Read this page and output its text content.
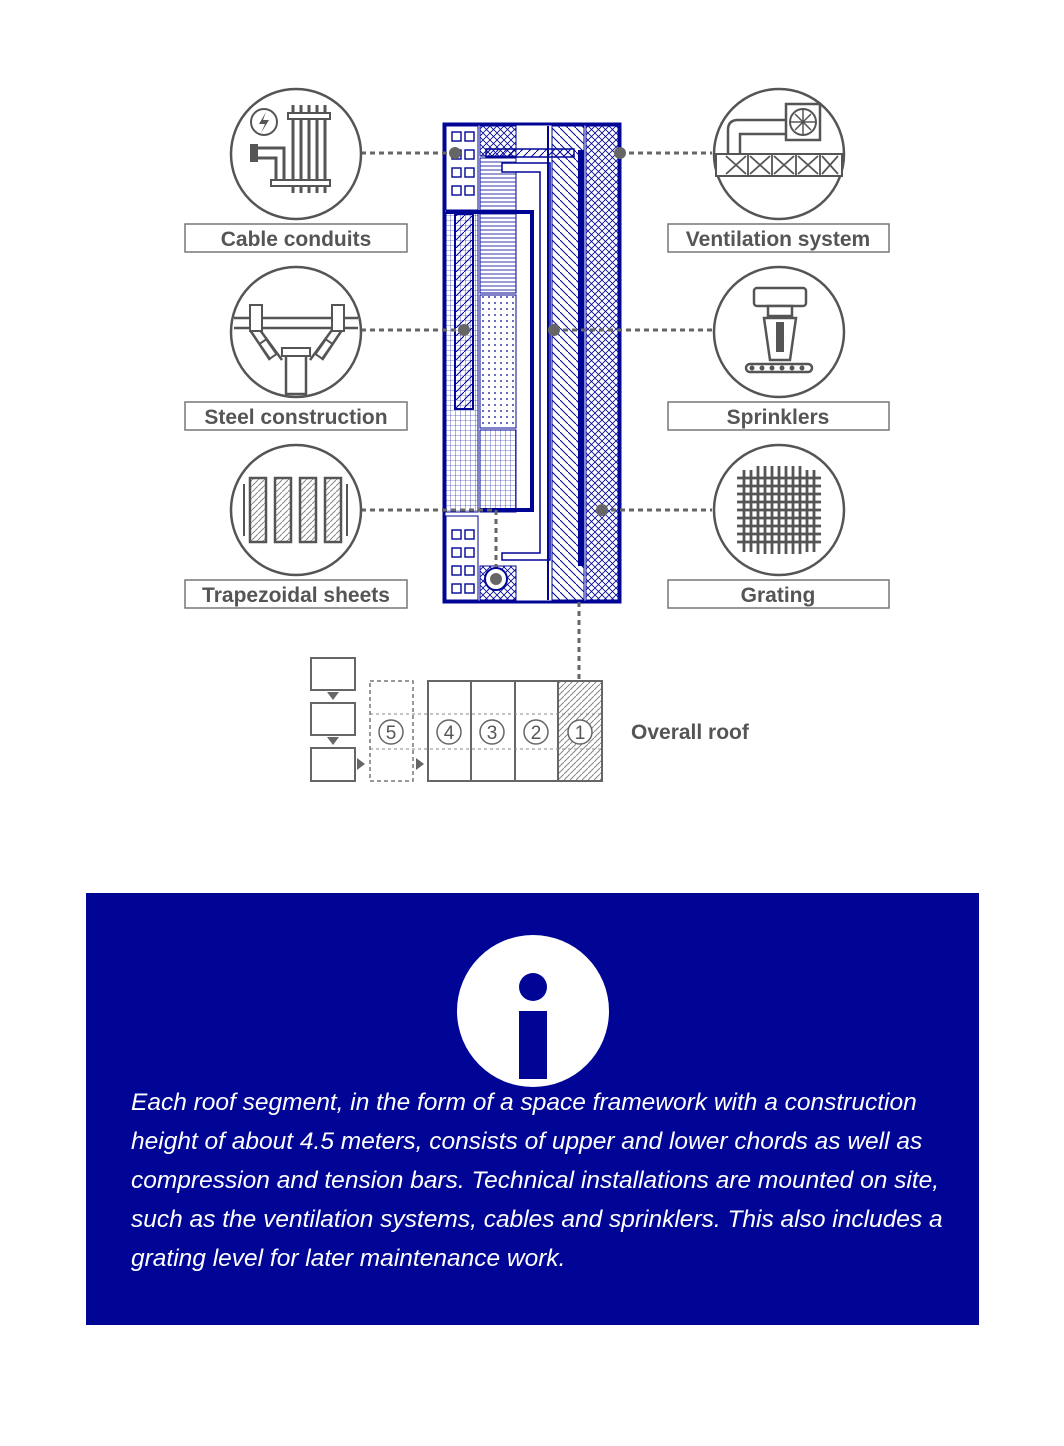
Cable conduits	Ventilation system
Steel construction	Sprinklers
Trapezoidal sheets	Grating
5 4 3 2 1 Overall roof

Each roof segment, in the form of a space framework with a construction height of about 4.5 meters, consists of upper and lower chords as well as compression and tension bars. Technical installations are mounted on site, such as the ventilation systems, cables and sprinklers. This also includes a grating level for later maintenance work.
